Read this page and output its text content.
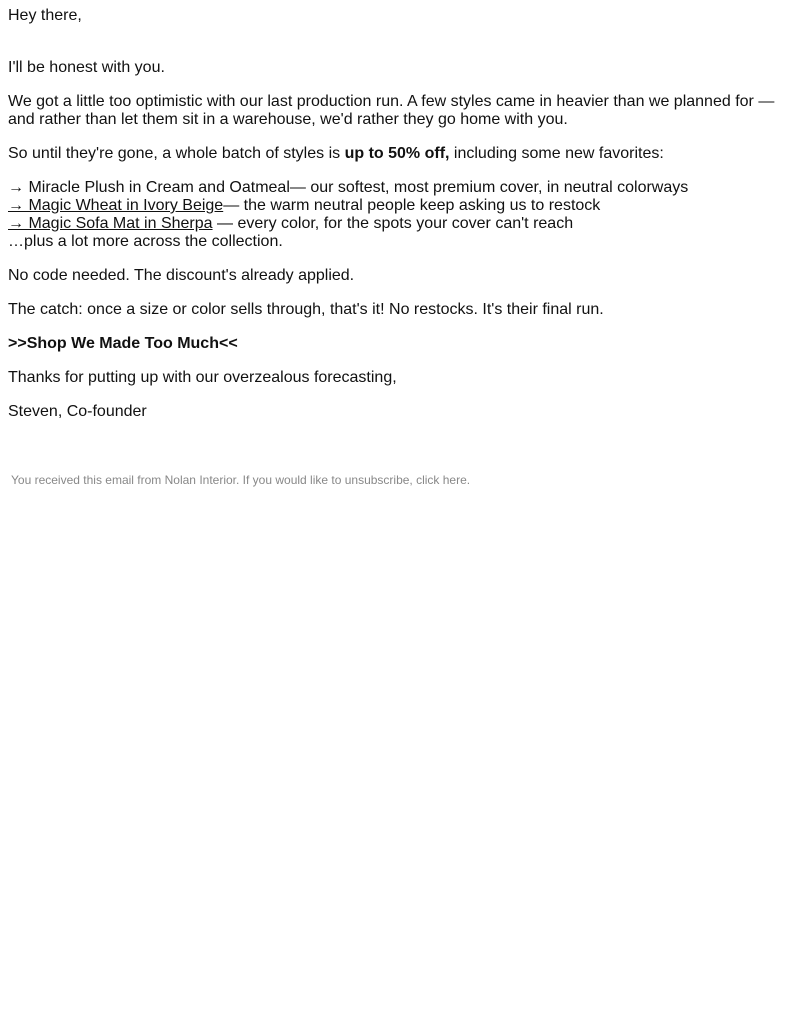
Hey there,

I'll be honest with you.

We got a little too optimistic with our last production run. A few styles came in heavier than we planned for — and rather than let them sit in a warehouse, we'd rather they go home with you.

So until they're gone, a whole batch of styles is up to 50% off, including some new favorites:

→ Miracle Plush in Cream and Oatmeal— our softest, most premium cover, in neutral colorways
→ Magic Wheat in Ivory Beige— the warm neutral people keep asking us to restock
→ Magic Sofa Mat in Sherpa — every color, for the spots your cover can't reach
…plus a lot more across the collection.

No code needed. The discount's already applied.

The catch: once a size or color sells through, that's it! No restocks. It's their final run.

>>Shop We Made Too Much<<

Thanks for putting up with our overzealous forecasting,

Steven, Co-founder

You received this email from Nolan Interior. If you would like to unsubscribe, click here.
